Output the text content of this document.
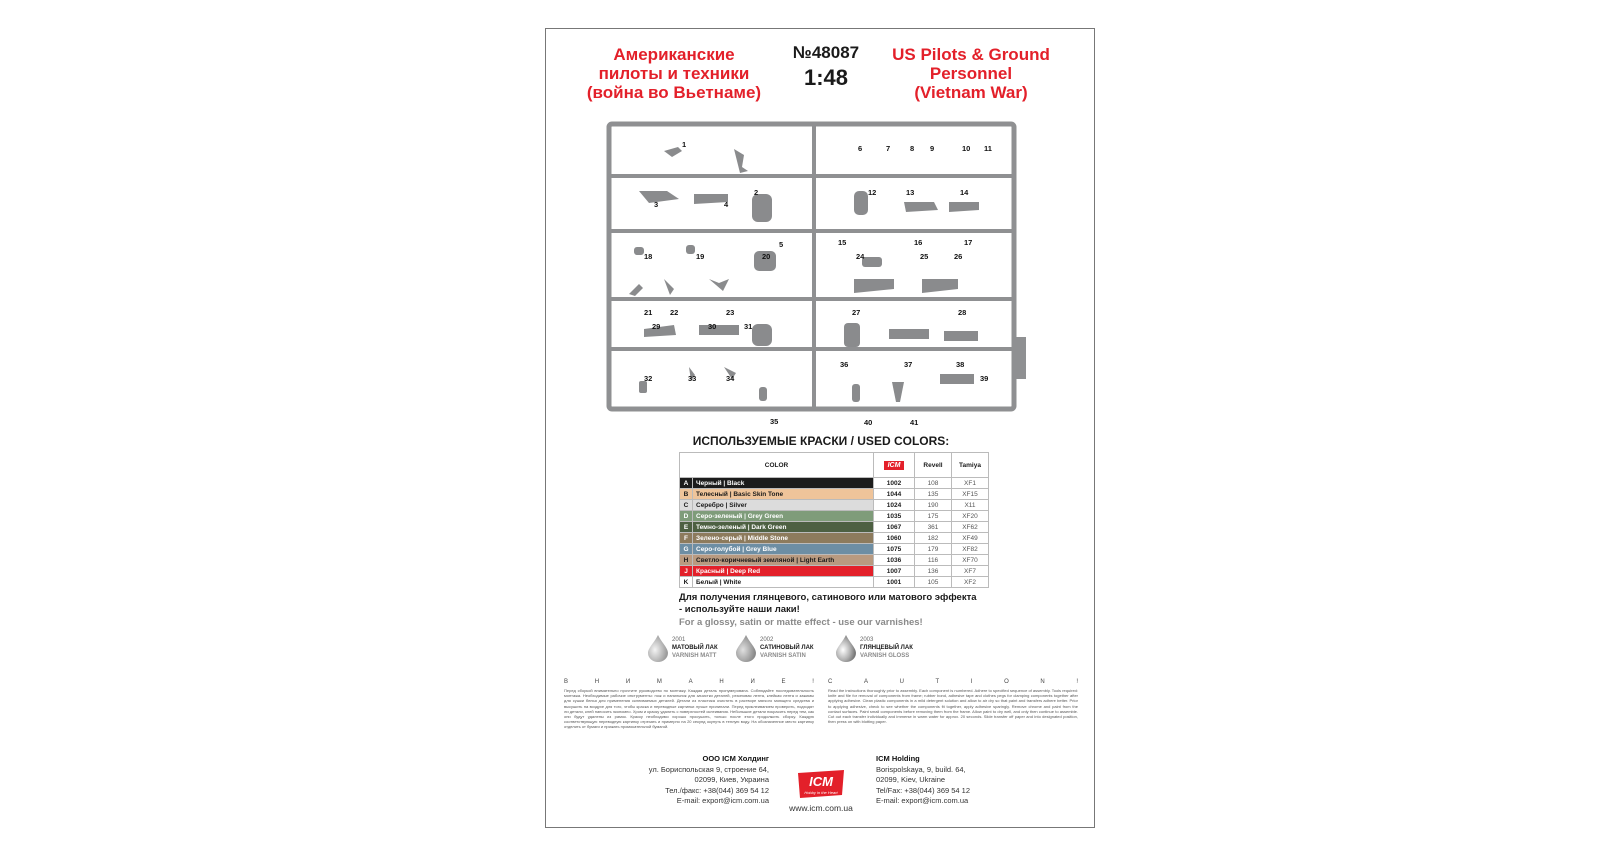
Американские
пилоты и техники
(война во Вьетнаме)
№48087
1:48
US Pilots & Ground
Personnel
(Vietnam War)
1
2
3	4
5
6	7	8 9	10 11
12	13	14
15	16	17
18	19	20
21 22	23
24	25	26
27	28
29	30	31
32	33	34
35
36	37	38
39
40	41
ИСПОЛЬЗУЕМЫЕ КРАСКИ / USED COLORS:
COLOR		ICM	Revell	Tamiya
A	Черный | Black	1002	108	XF1
B	Телесный | Basic Skin Tone	1044	135	XF15
C	Серебро | Silver	1024	190	X11
D	Серо-зеленый | Grey Green	1035	175	XF20
E	Темно-зеленый | Dark Green	1067	361	XF62
F	Зелено-серый | Middle Stone	1060	182	XF49
G	Серо-голубой | Grey Blue	1075	179	XF82
H	Светло-коричневый земляной | Light Earth	1036	116	XF70
J	Красный | Deep Red	1007	136	XF7
K	Белый | White	1001	105	XF2
Для получения глянцевого, сатинового или матового эффекта - используйте наши лаки!
For a glossy, satin or matte effect - use our varnishes!
2001
МАТОВЫЙ ЛАК
VARNISH MATT
2002
САТИНОВЫЙ ЛАК
VARNISH SATIN
2003
ГЛЯНЦЕВЫЙ ЛАК
VARNISH GLOSS
В	Н	И	М	А	Н	И	Е	! C	A	U	T	I	O	N	!
Перед сборкой внимательно прочтите руководство по монтажу. Каждая деталь пронумерована. Соблюдайте последовательность монтажа. Необходимые рабочие инструменты: нож и напильник для зачистки деталей, резиновая лента, клейкая лента и зажимы для сушки белья для применения склеиваемых деталей. Детали из пластика очистить в растворе мягкого моющего средства и высушить на воздухе для того, чтобы краска и переводные картинки лучше прилипали. Перед приклеиванием проверить, подходят ли детали, клей наносить экономно. Хром и краску удалить с поверхностей склеивания. Небольшие детали покрасить перед тем, как они будут удалены из рамок. Краску необходимо хорошо просушить, только после этого продолжить сборку. Каждую соответствующую переводную картинку отрезать и примерно на 20 секунд окунуть в теплую воду. На обозначенное место картинку отделить от бумаги и прижать промокательной бумагой.
Read the instructions thoroughly prior to assembly. Each component is numbered. Adhere to specified sequence of assembly. Tools required: knife and file for removal of components from frame; rubber bond, adhesive tape and clothes pegs for clamping components together after applying adhesive. Clean plastic components in a mild detergent solution and allow to air dry so that paint and transfers adhere better. Prior to applying adhesive, check to see whether the components fit together, apply adhesive sparingly. Remove chrome and paint from the contact surfaces. Paint small components before removing them from the frame. Allow paint to dry well, and only then continue to assemble. Cut out each transfer individually and immerse in warm water for approx. 20 seconds. Slide transfer off paper and into designated position, then press on with blotting paper.
ООО ICM Холдинг
ул. Бориспольская 9, строение 64,
02099, Киев, Украина
Тел./факс: +38(044) 369 54 12
E-mail: export@icm.com.ua
ICM
Hobby in the Heart
ICM Holding
Borispolskaya, 9, build. 64,
02099, Kiev, Ukraine
Tel/Fax: +38(044) 369 54 12
E-mail: export@icm.com.ua
www.icm.com.ua
